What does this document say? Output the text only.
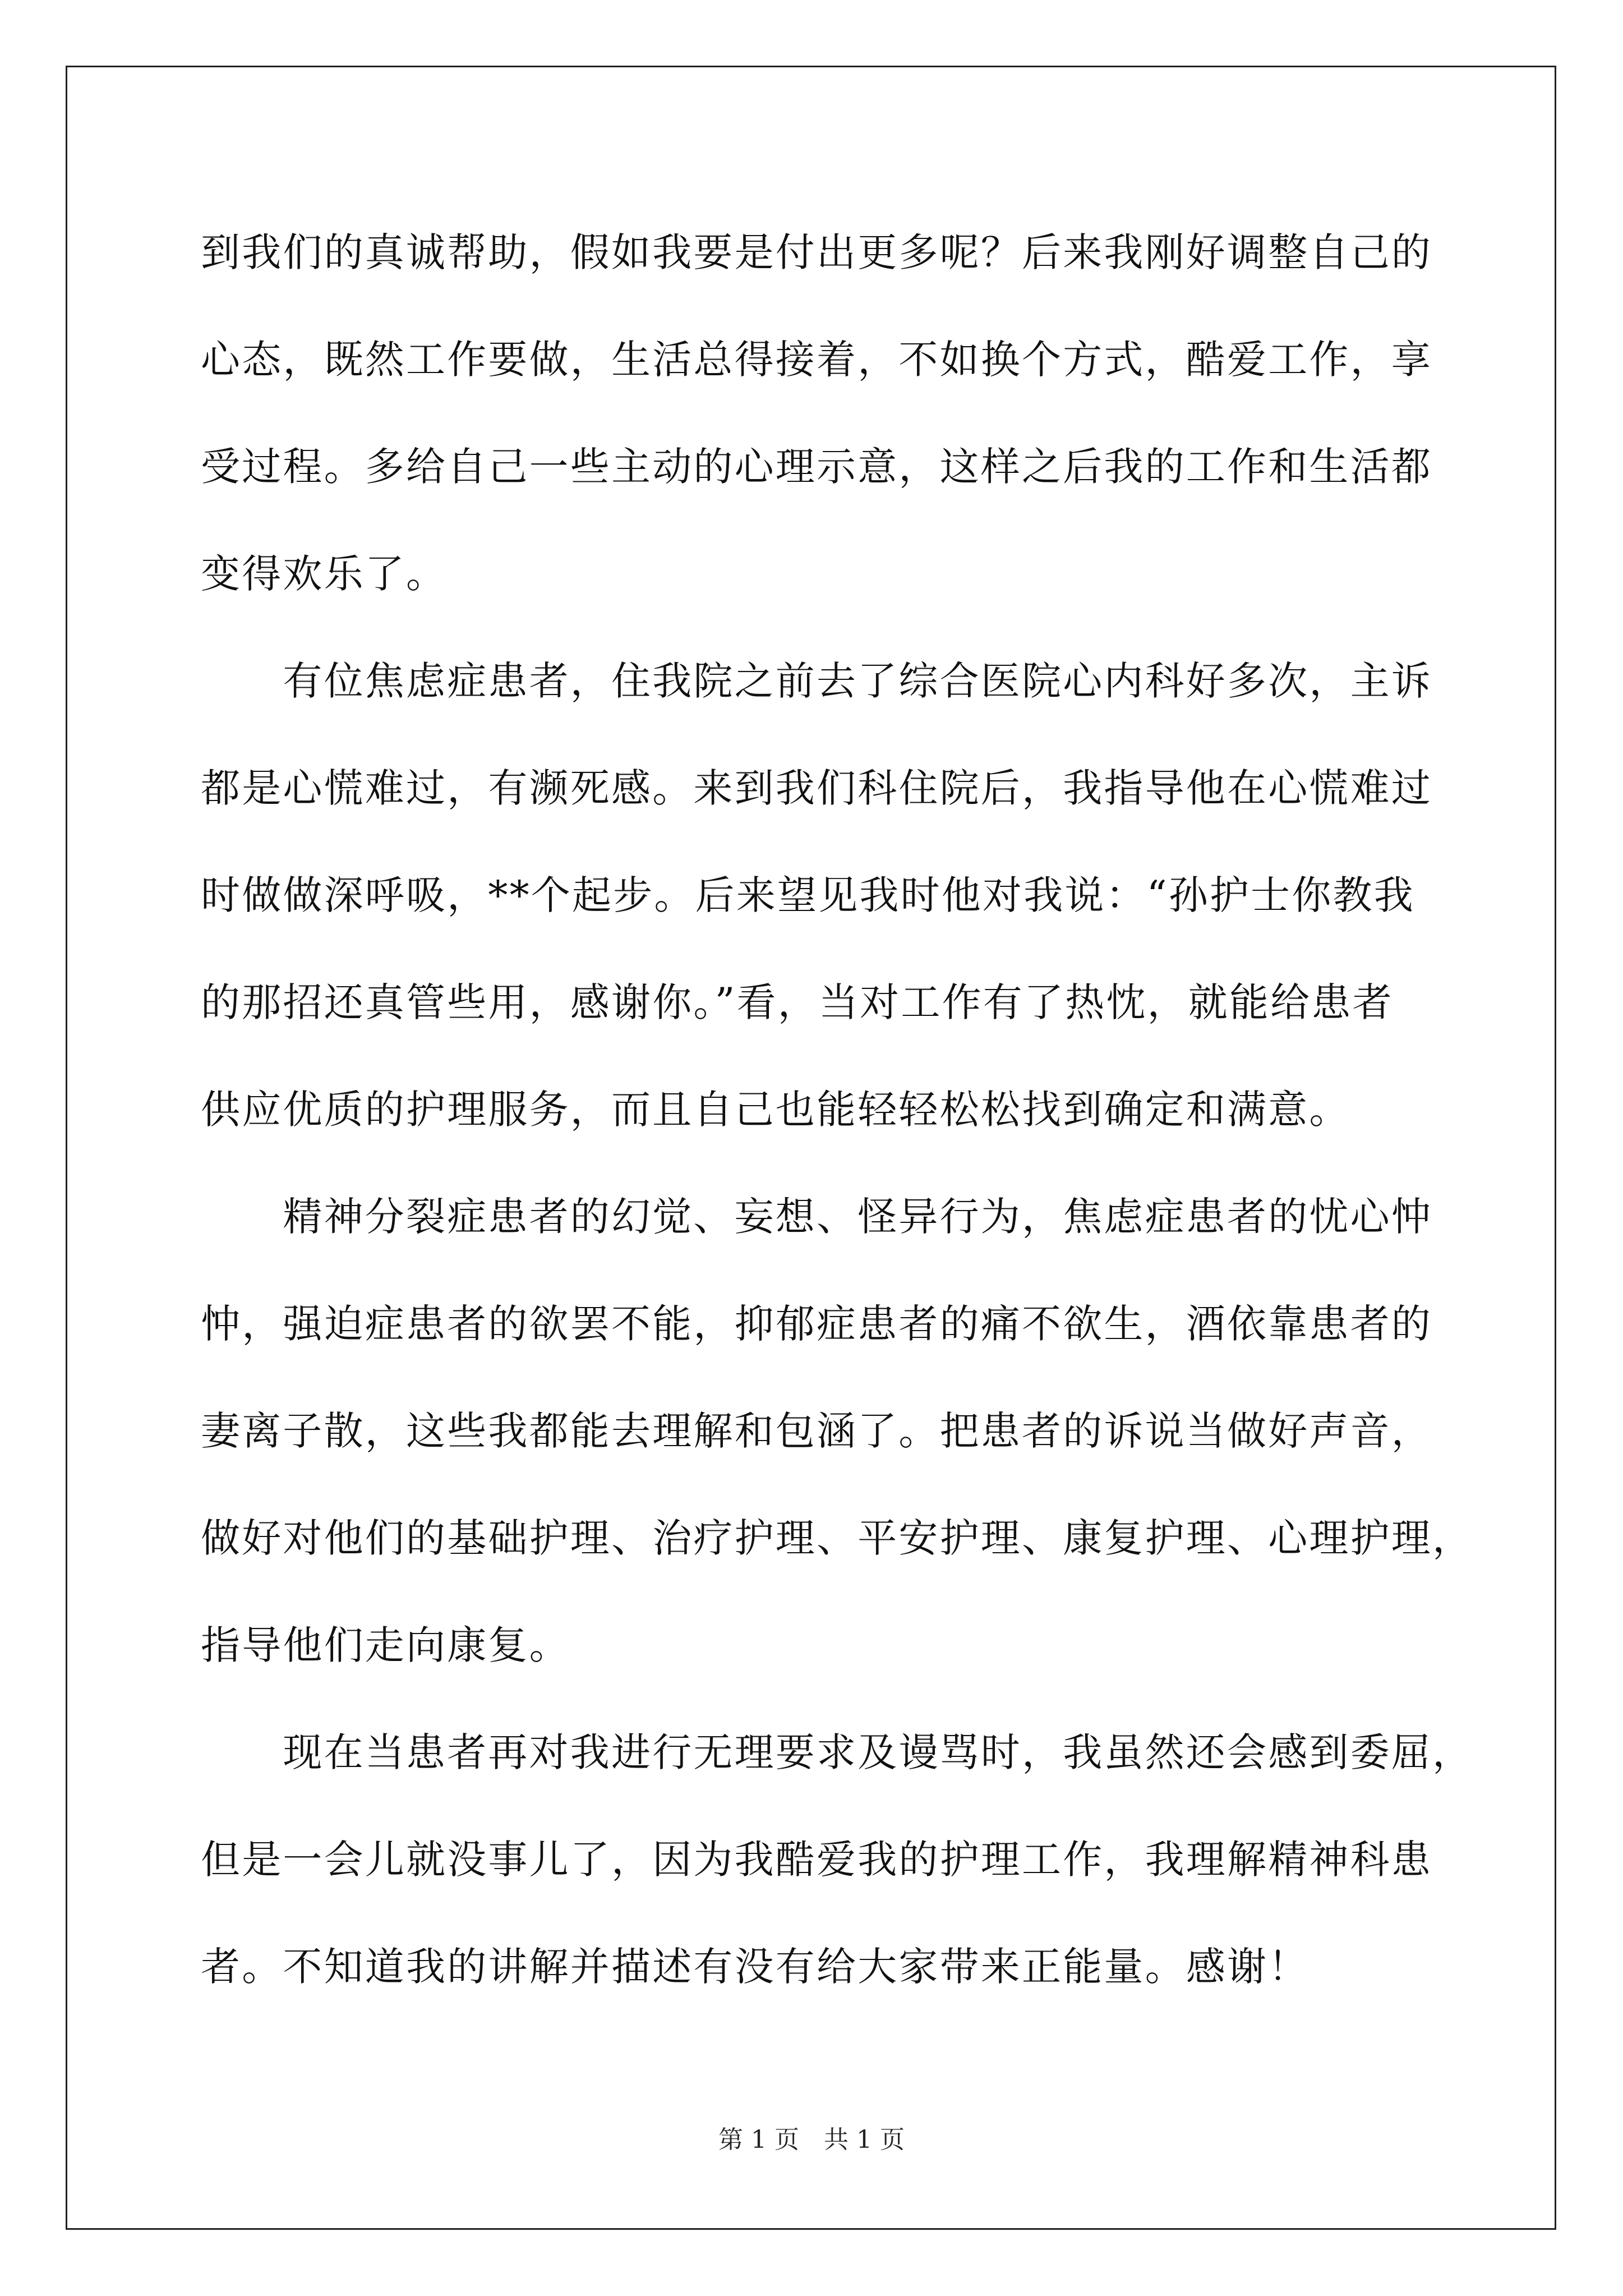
到我们的真诚帮助，假如我要是付出更多呢？后来我刚好调整自己的
心态，既然工作要做，生活总得接着，不如换个方式，酷爱工作，享
受过程。多给自己一些主动的心理示意，这样之后我的工作和生活都
变得欢乐了。
　　有位焦虑症患者，住我院之前去了综合医院心内科好多次，主诉
都是心慌难过，有濒死感。来到我们科住院后，我指导他在心慌难过
时做做深呼吸，**个起步。后来望见我时他对我说：“孙护士你教我
的那招还真管些用，感谢你。”看，当对工作有了热忱，就能给患者
供应优质的护理服务，而且自己也能轻轻松松找到确定和满意。
　　精神分裂症患者的幻觉、妄想、怪异行为，焦虑症患者的忧心忡
忡，强迫症患者的欲罢不能，抑郁症患者的痛不欲生，酒依靠患者的
妻离子散，这些我都能去理解和包涵了。把患者的诉说当做好声音，
做好对他们的基础护理、治疗护理、平安护理、康复护理、心理护理，
指导他们走向康复。
　　现在当患者再对我进行无理要求及谩骂时，我虽然还会感到委屈，
但是一会儿就没事儿了，因为我酷爱我的护理工作，我理解精神科患
者。不知道我的讲解并描述有没有给大家带来正能量。感谢！
第 1 页　共 1 页
